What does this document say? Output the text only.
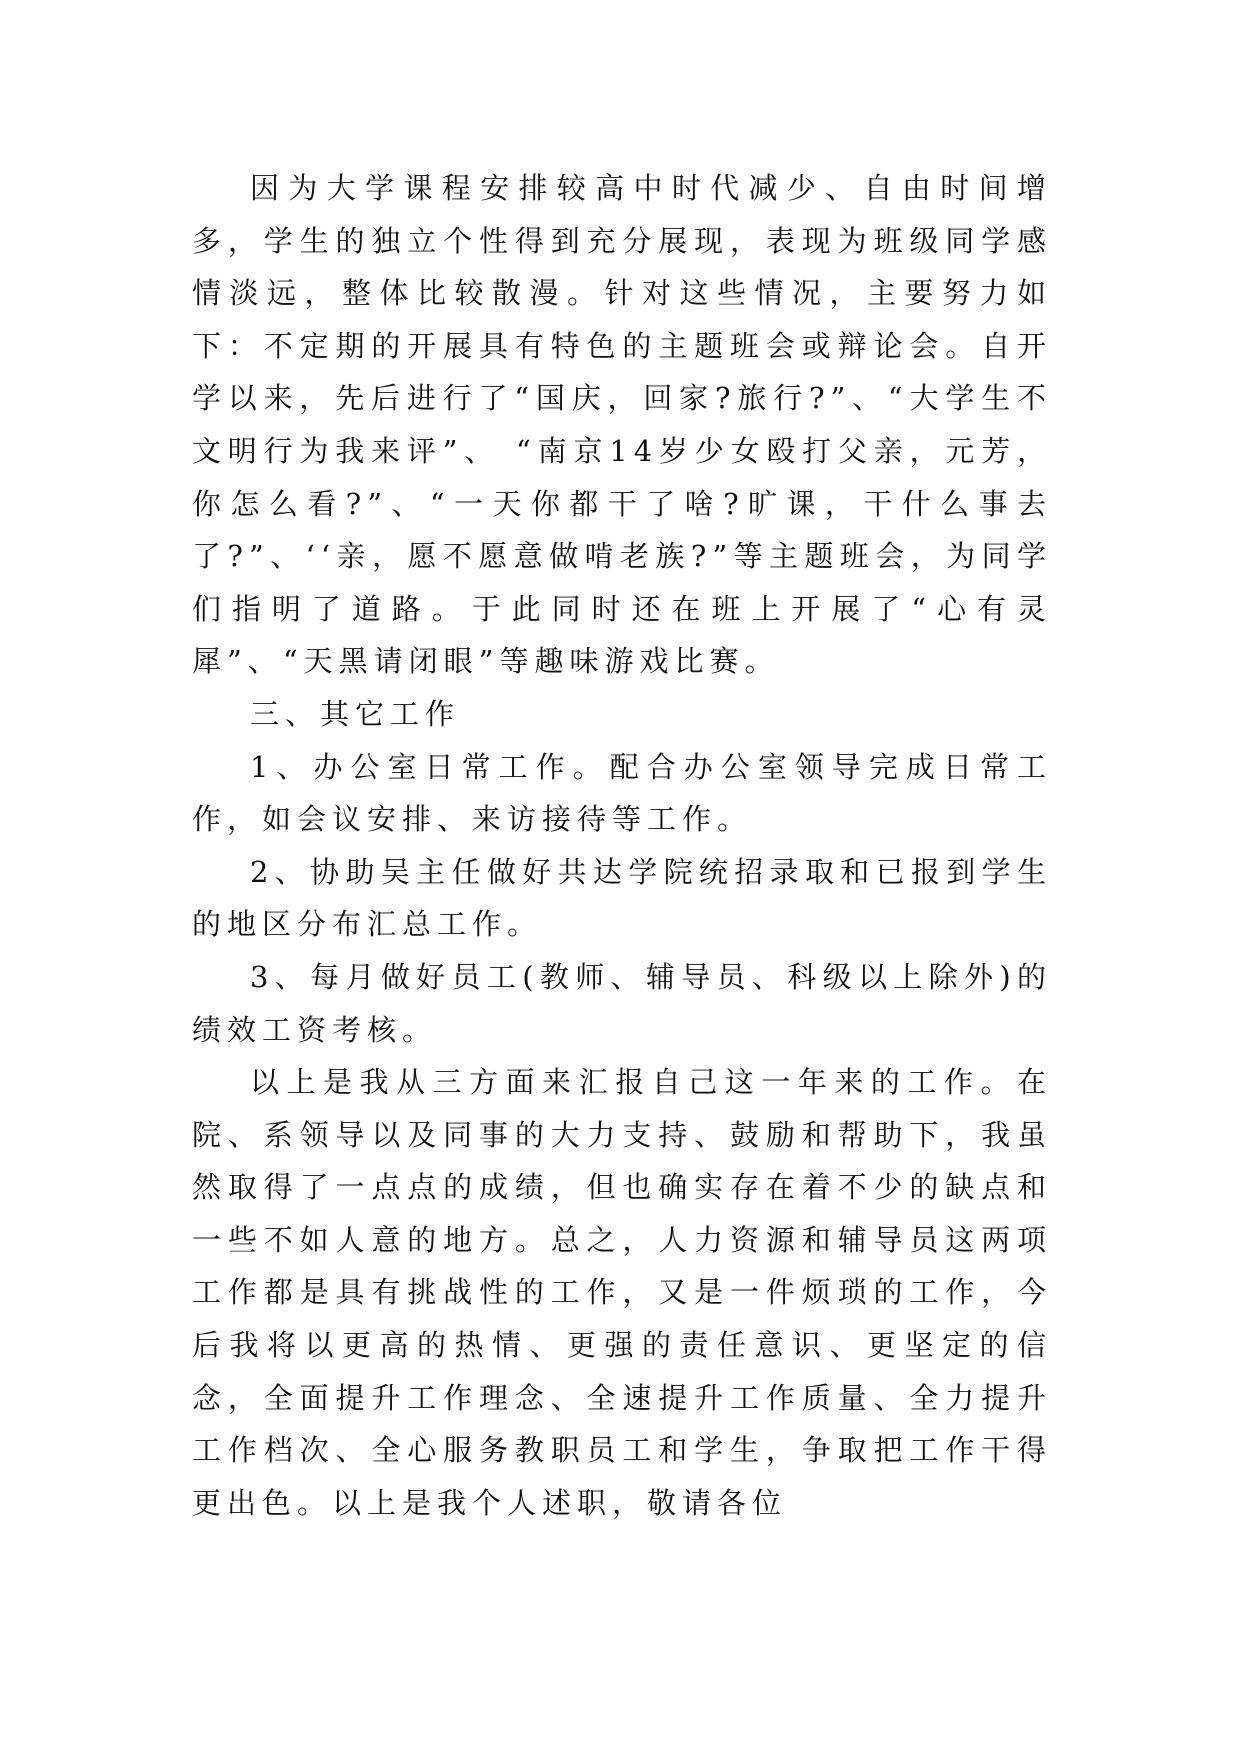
因为大学课程安排较高中时代减少、自由时间增多，学生的独立个性得到充分展现，表现为班级同学感情淡远，整体比较散漫。针对这些情况，主要努力如下：不定期的开展具有特色的主题班会或辩论会。自开学以来，先后进行了“国庆，回家?旅行?”、“大学生不文明行为我来评”、 “南京14岁少女殴打父亲，元芳，你怎么看?”、“一天你都干了啥?旷课，干什么事去了?”、‘‘亲，愿不愿意做啃老族?”等主题班会，为同学们指明了道路。于此同时还在班上开展了“心有灵犀”、“天黑请闭眼”等趣味游戏比赛。

三、其它工作

1、办公室日常工作。配合办公室领导完成日常工作，如会议安排、来访接待等工作。

2、协助吴主任做好共达学院统招录取和已报到学生的地区分布汇总工作。

3、每月做好员工(教师、辅导员、科级以上除外)的绩效工资考核。

以上是我从三方面来汇报自己这一年来的工作。在院、系领导以及同事的大力支持、鼓励和帮助下，我虽然取得了一点点的成绩，但也确实存在着不少的缺点和一些不如人意的地方。总之，人力资源和辅导员这两项工作都是具有挑战性的工作，又是一件烦琐的工作，今后我将以更高的热情、更强的责任意识、更坚定的信念，全面提升工作理念、全速提升工作质量、全力提升工作档次、全心服务教职员工和学生，争取把工作干得更出色。以上是我个人述职，敬请各位
